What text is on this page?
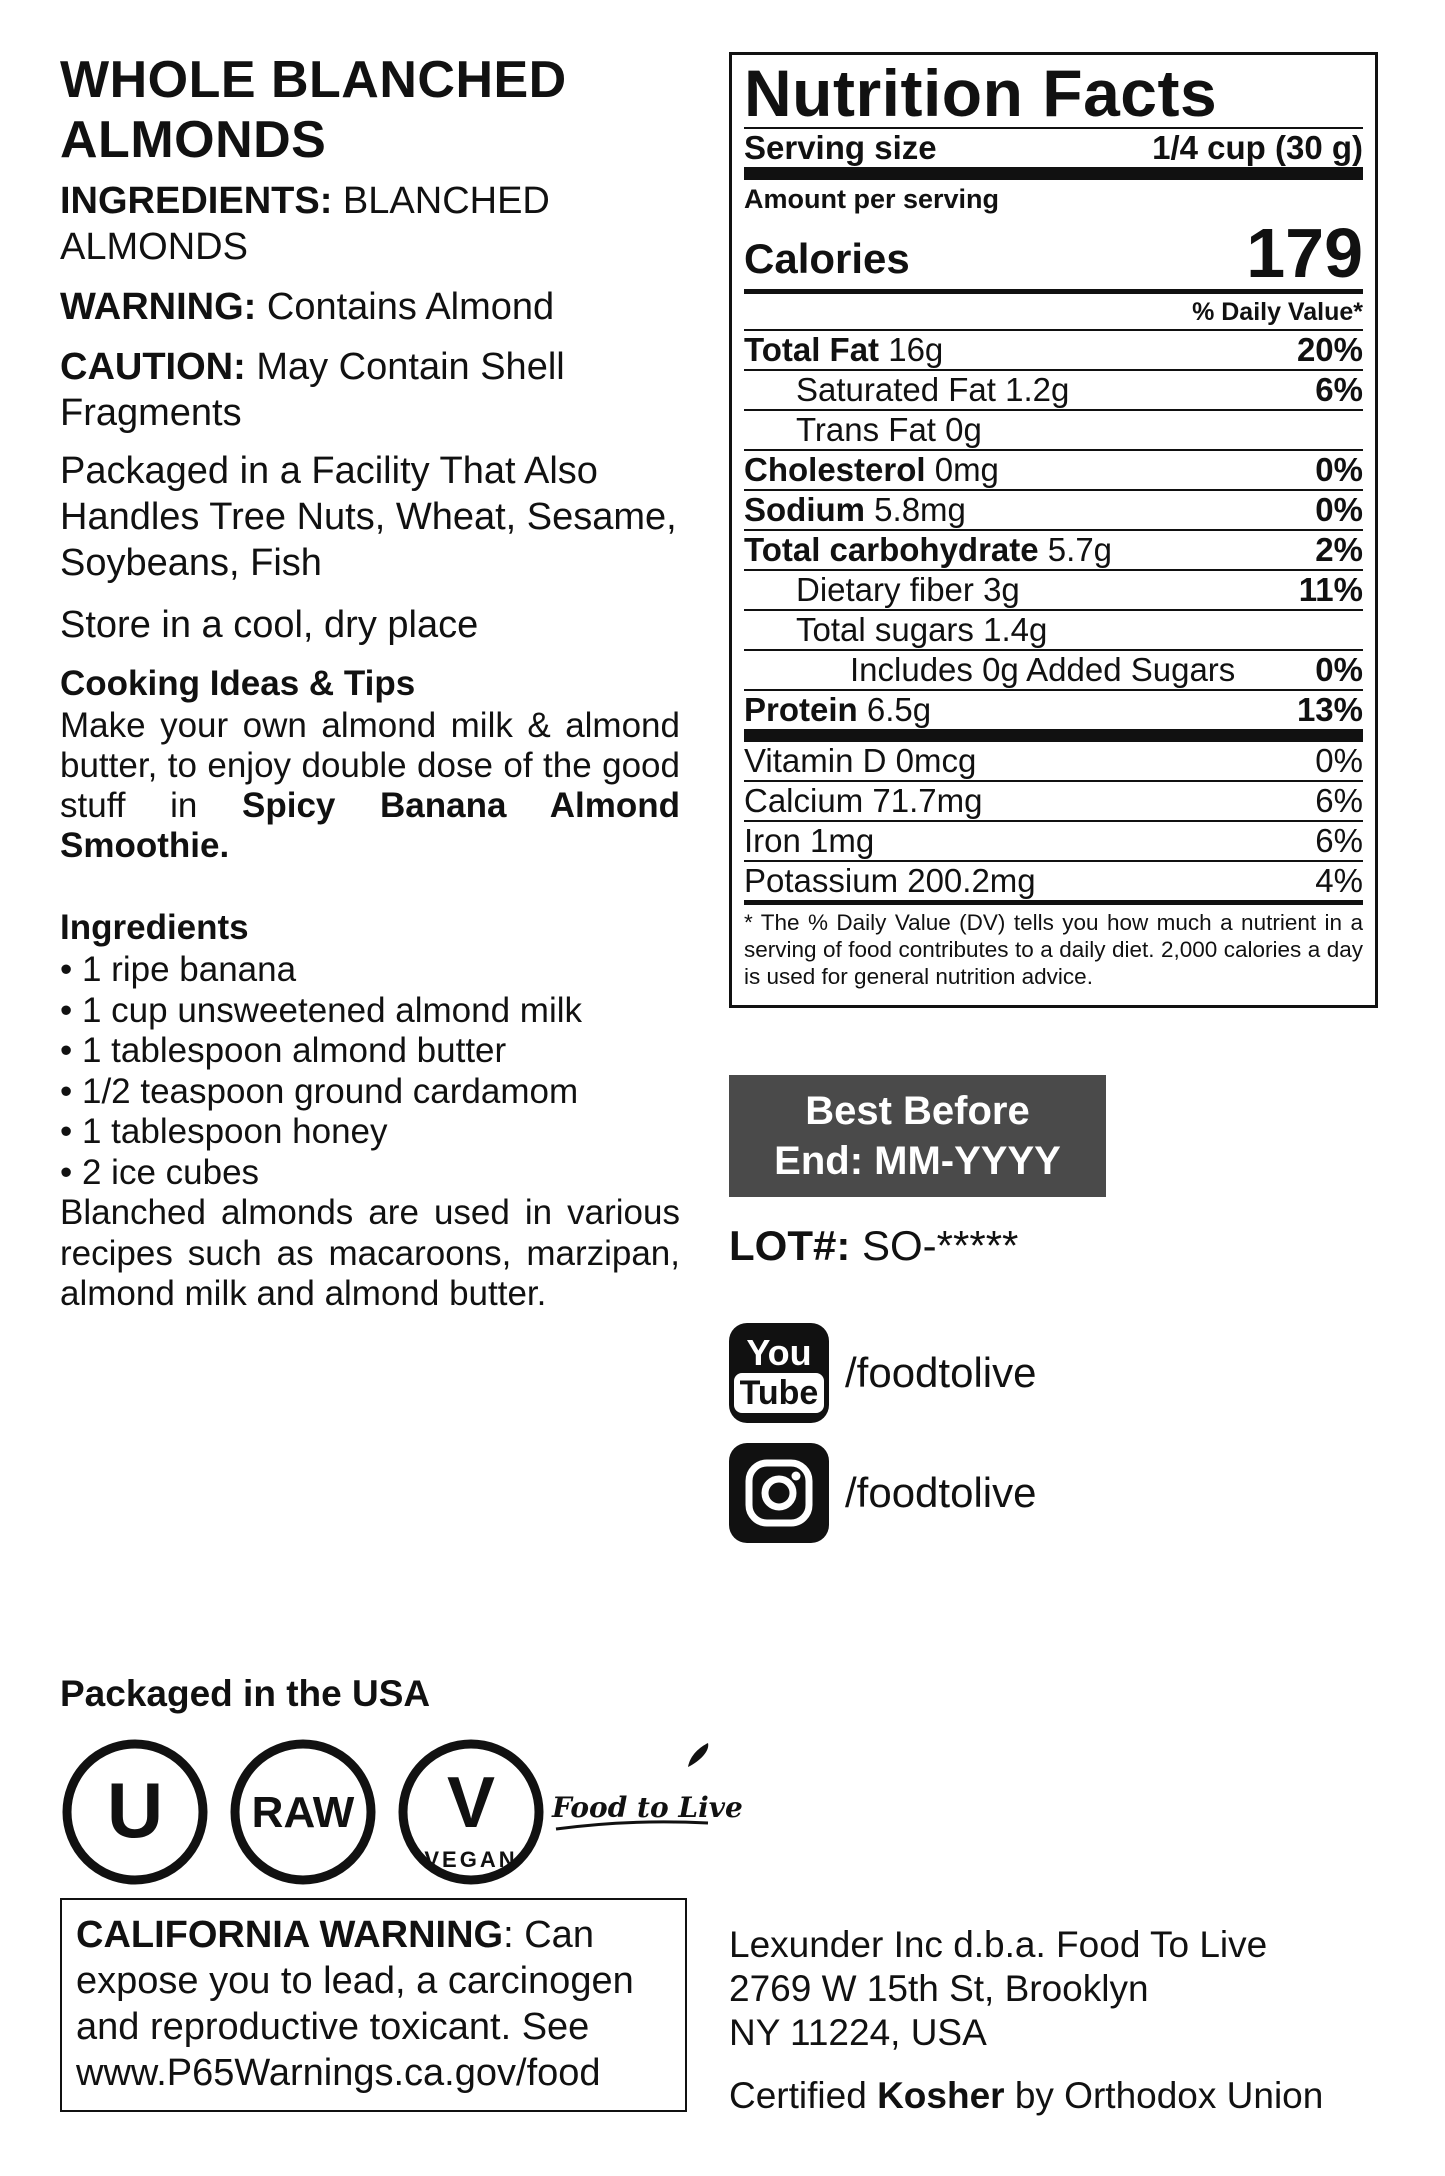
WHOLE BLANCHED ALMONDS
INGREDIENTS: BLANCHED ALMONDS
WARNING: Contains Almond
CAUTION: May Contain Shell Fragments
Packaged in a Facility That Also Handles Tree Nuts, Wheat, Sesame, Soybeans, Fish
Store in a cool, dry place
Cooking Ideas & Tips
Make your own almond milk & almond butter, to enjoy double dose of the good stuff in Spicy Banana Almond Smoothie.
Ingredients
• 1 ripe banana
• 1 cup unsweetened almond milk
• 1 tablespoon almond butter
• 1/2 teaspoon ground cardamom
• 1 tablespoon honey
• 2 ice cubes
Blanched almonds are used in various recipes such as macaroons, marzipan, almond milk and almond butter.
Nutrition Facts
Serving size	1/4 cup (30 g)
Amount per serving
Calories	179
% Daily Value*
Total Fat 16g	20%
Saturated Fat 1.2g	6%
Trans Fat 0g
Cholesterol 0mg	0%
Sodium 5.8mg	0%
Total carbohydrate 5.7g	2%
Dietary fiber 3g	11%
Total sugars 1.4g
Includes 0g Added Sugars 0%
Protein 6.5g	13%
Vitamin D 0mcg	0%
Calcium 71.7mg	6%
Iron 1mg	6%
Potassium 200.2mg	4%
* The % Daily Value (DV) tells you how much a nutrient in a serving of food contributes to a daily diet. 2,000 calories a day is used for general nutrition advice.
Best Before
End: MM-YYYY
LOT#: SO-*****
You
Tube /foodtolive
/foodtolive
Packaged in the USA
U RAW V
VEGAN
Food to Live
CALIFORNIA WARNING: Can expose you to lead, a carcinogen and reproductive toxicant. See www.P65Warnings.ca.gov/food
Lexunder Inc d.b.a. Food To Live
2769 W 15th St, Brooklyn
NY 11224, USA
Certified Kosher by Orthodox Union
